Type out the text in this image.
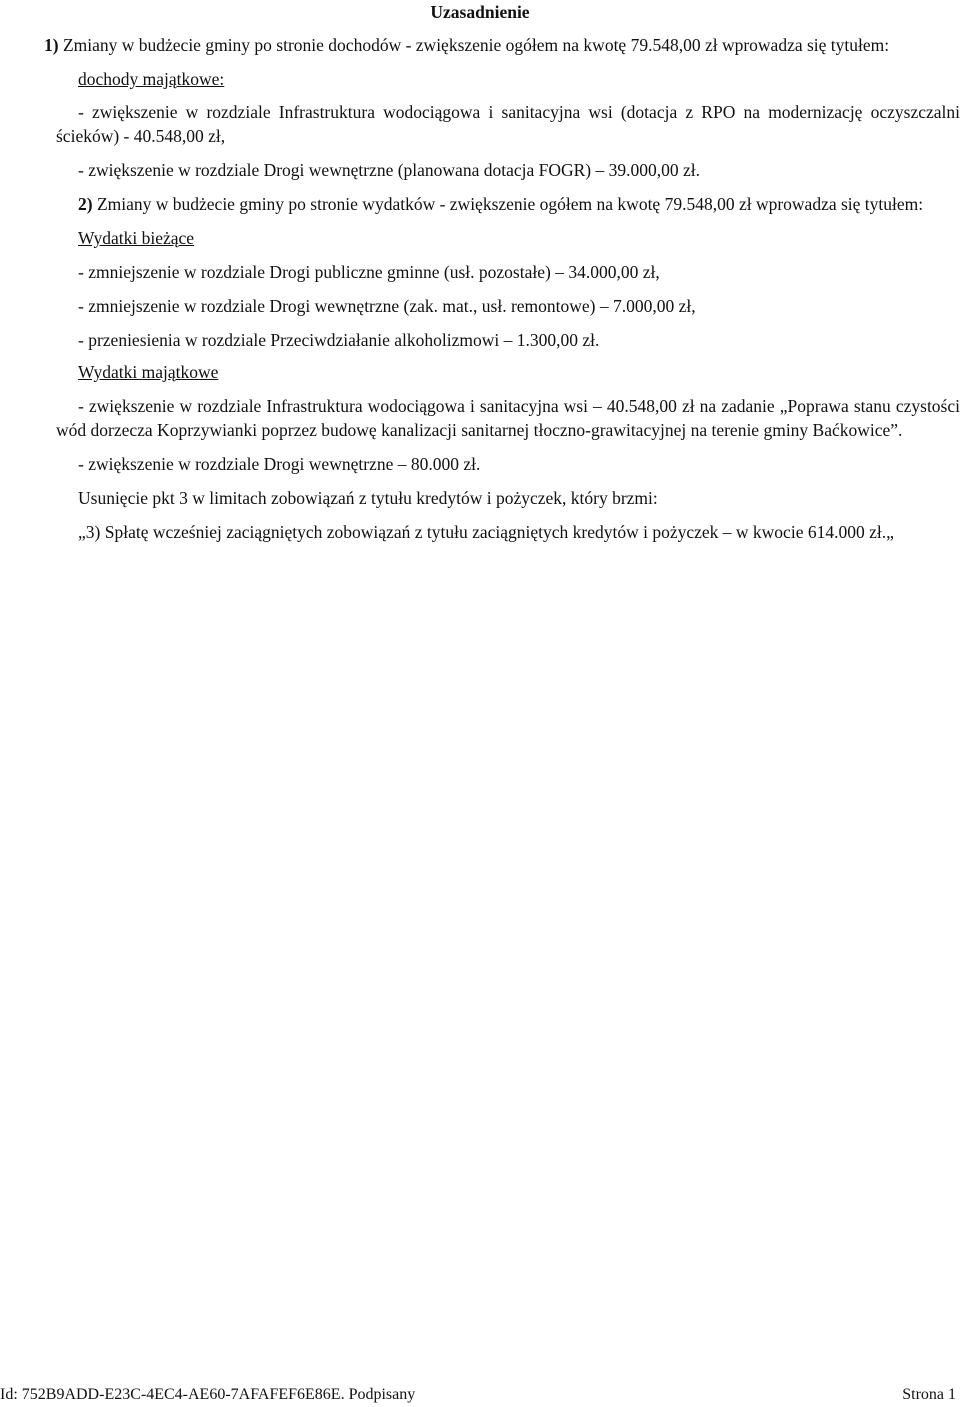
Uzasadnienie

1) Zmiany w budżecie gminy po stronie dochodów - zwiększenie ogółem na kwotę 79.548,00 zł wprowadza się tytułem:

dochody majątkowe:

- zwiększenie w rozdziale Infrastruktura wodociągowa i sanitacyjna wsi (dotacja z RPO na modernizację oczyszczalni ścieków) - 40.548,00 zł,

- zwiększenie w rozdziale Drogi wewnętrzne (planowana dotacja FOGR) – 39.000,00 zł.

2) Zmiany w budżecie gminy po stronie wydatków - zwiększenie ogółem na kwotę 79.548,00 zł wprowadza się tytułem:

Wydatki bieżące

- zmniejszenie w rozdziale Drogi publiczne gminne (usł. pozostałe) – 34.000,00 zł,

- zmniejszenie w rozdziale Drogi wewnętrzne (zak. mat., usł. remontowe) – 7.000,00 zł,

- przeniesienia w rozdziale Przeciwdziałanie alkoholizmowi – 1.300,00 zł.

Wydatki majątkowe

- zwiększenie w rozdziale Infrastruktura wodociągowa i sanitacyjna wsi – 40.548,00 zł na zadanie „Poprawa stanu czystości wód dorzecza Koprzywianki poprzez budowę kanalizacji sanitarnej tłoczno-grawitacyjnej na terenie gminy Baćkowice”.

- zwiększenie w rozdziale Drogi wewnętrzne – 80.000 zł.

Usunięcie pkt 3 w limitach zobowiązań z tytułu kredytów i pożyczek, który brzmi:

„3) Spłatę wcześniej zaciągniętych zobowiązań z tytułu zaciągniętych kredytów i pożyczek – w kwocie 614.000 zł.„

Id: 752B9ADD-E23C-4EC4-AE60-7AFAFEF6E86E. Podpisany	Strona 1
